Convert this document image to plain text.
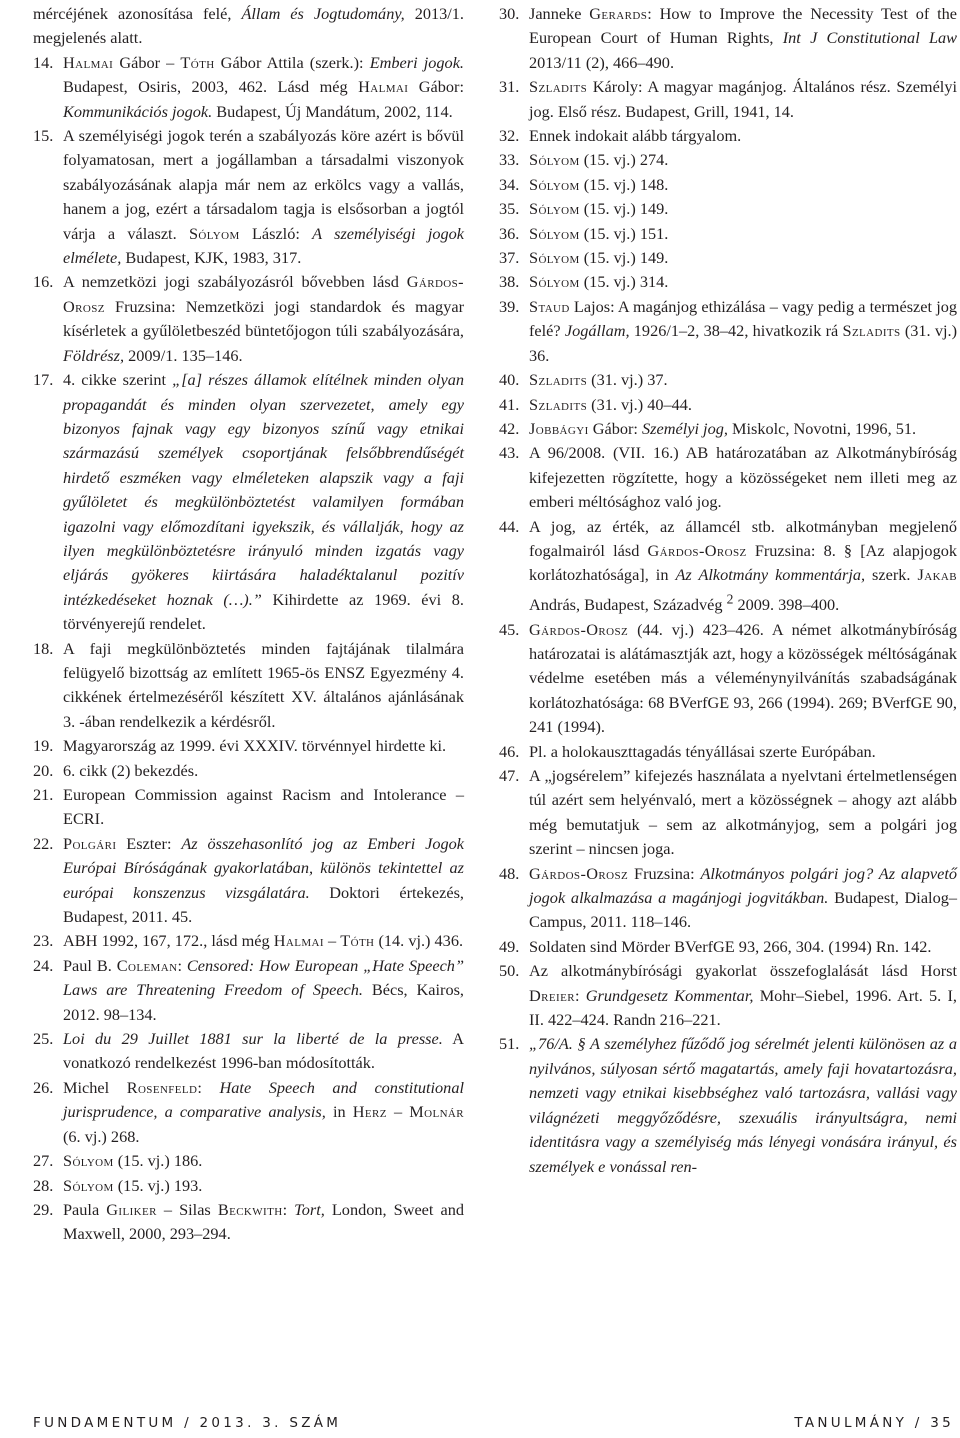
mércéjének azonosítása felé, Állam és Jogtudomány, 2013/1. megjelenés alatt.

14. Halmai Gábor – Tóth Gábor Attila (szerk.): Emberi jogok. Budapest, Osiris, 2003, 462. Lásd még Halmai Gábor: Kommunikációs jogok. Budapest, Új Mandátum, 2002, 114.

15. A személyiségi jogok terén a szabályozás köre azért is bővül folyamatosan, mert a jogállamban a társadalmi viszonyok szabályozásának alapja már nem az erkölcs vagy a vallás, hanem a jog, ezért a társadalom tagja is elsősorban a jogtól várja a választ. Sólyom László: A személyiségi jogok elmélete, Budapest, KJK, 1983, 317.

16. A nemzetközi jogi szabályozásról bővebben lásd Gárdos-Orosz Fruzsina: Nemzetközi jogi standardok és magyar kísérletek a gyűlöletbeszéd büntetőjogon túli szabályozására, Földrész, 2009/1. 135–146.

17. 4. cikke szerint „[a] részes államok elítélnek minden olyan propagandát és minden olyan szervezetet, amely egy bizonyos fajnak vagy egy bizonyos színű vagy etnikai származású személyek csoportjának felsőbbrendűségét hirdető eszméken vagy elméleteken alapszik vagy a faji gyűlöletet és megkülönböztetést valamilyen formában igazolni vagy előmozdítani igyekszik, és vállalják, hogy az ilyen megkülönböztetésre irányuló minden izgatás vagy eljárás gyökeres kiirtására haladéktalanul pozitív intézkedéseket hoznak (…).” Kihirdette az 1969. évi 8. törvényerejű rendelet.

18. A faji megkülönböztetés minden fajtájának tilalmára felügyelő bizottság az említett 1965-ös ENSZ Egyezmény 4. cikkének értelmezéséről készített XV. általános ajánlásának 3. -ában rendelkezik a kérdésről.

19. Magyarország az 1999. évi XXXIV. törvénnyel hirdette ki.

20. 6. cikk (2) bekezdés.

21. European Commission against Racism and Intolerance – ECRI.

22. Polgári Eszter: Az összehasonlító jog az Emberi Jogok Európai Bíróságának gyakorlatában, különös tekintettel az európai konszenzus vizsgálatára. Doktori értekezés, Budapest, 2011. 45.

23. ABH 1992, 167, 172., lásd még Halmai – Tóth (14. vj.) 436.

24. Paul B. Coleman: Censored: How European „Hate Speech” Laws are Threatening Freedom of Speech. Bécs, Kairos, 2012. 98–134.

25. Loi du 29 Juillet 1881 sur la liberté de la presse. A vonatkozó rendelkezést 1996-ban módosították.

26. Michel Rosenfeld: Hate Speech and constitutional jurisprudence, a comparative analysis, in Herz – Molnár (6. vj.) 268.

27. Sólyom (15. vj.) 186.

28. Sólyom (15. vj.) 193.

29. Paula Giliker – Silas Beckwith: Tort, London, Sweet and Maxwell, 2000, 293–294.

30. Janneke Gerards: How to Improve the Necessity Test of the European Court of Human Rights, Int J Constitutional Law 2013/11 (2), 466–490.

31. Szladits Károly: A magyar magánjog. Általános rész. Személyi jog. Első rész. Budapest, Grill, 1941, 14.

32. Ennek indokait alább tárgyalom.

33. Sólyom (15. vj.) 274.

34. Sólyom (15. vj.) 148.

35. Sólyom (15. vj.) 149.

36. Sólyom (15. vj.) 151.

37. Sólyom (15. vj.) 149.

38. Sólyom (15. vj.) 314.

39. Staud Lajos: A magánjog ethizálása – vagy pedig a természet jog felé? Jogállam, 1926/1–2, 38–42, hivatkozik rá Szladits (31. vj.) 36.

40. Szladits (31. vj.) 37.

41. Szladits (31. vj.) 40–44.

42. Jobbágyi Gábor: Személyi jog, Miskolc, Novotni, 1996, 51.

43. A 96/2008. (VII. 16.) AB határozatában az Alkotmánybíróság kifejezetten rögzítette, hogy a közösségeket nem illeti meg az emberi méltósághoz való jog.

44. A jog, az érték, az államcél stb. alkotmányban megjelenő fogalmairól lásd Gárdos-Orosz Fruzsina: 8. § [Az alapjogok korlátozhatósága], in Az Alkotmány kommentárja, szerk. Jakab András, Budapest, Századvég $^2$ 2009. 398–400.

45. Gárdos-Orosz (44. vj.) 423–426. A német alkotmánybíróság határozatai is alátámasztják azt, hogy a közösségek méltóságának védelme esetében más a véleménynyilvánítás szabadságának korlátozhatósága: 68 BVerfGE 93, 266 (1994). 269; BVerfGE 90, 241 (1994).

46. Pl. a holokauszttagadás tényállásai szerte Európában.

47. A „jogsérelem” kifejezés használata a nyelvtani értelmetlenségen túl azért sem helyénvaló, mert a közösségnek – ahogy azt alább még bemutatjuk – sem az alkotmányjog, sem a polgári jog szerint – nincsen joga.

48. Gárdos-Orosz Fruzsina: Alkotmányos polgári jog? Az alapvető jogok alkalmazása a magánjogi jogvitákban. Budapest, Dialog–Campus, 2011. 118–146.

49. Soldaten sind Mörder BVerfGE 93, 266, 304. (1994) Rn. 142.

50. Az alkotmánybírósági gyakorlat összefoglalását lásd Horst Dreier: Grundgesetz Kommentar, Mohr–Siebel, 1996. Art. 5. I, II. 422–424. Randn 216–221.

51. „76/A. § A személyhez fűződő jog sérelmét jelenti különösen az a nyilvános, súlyosan sértő magatartás, amely faji hovatartozásra, nemzeti vagy etnikai kisebbséghez való tartozásra, vallási vagy világnézeti meggyőződésre, szexuális irányultságra, nemi identitásra vagy a személyiség más lényegi vonására irányul, és személyek e vonással ren-

FUNDAMENTUM / 2013. 3. SZÁM	TANULMÁNY / 35
